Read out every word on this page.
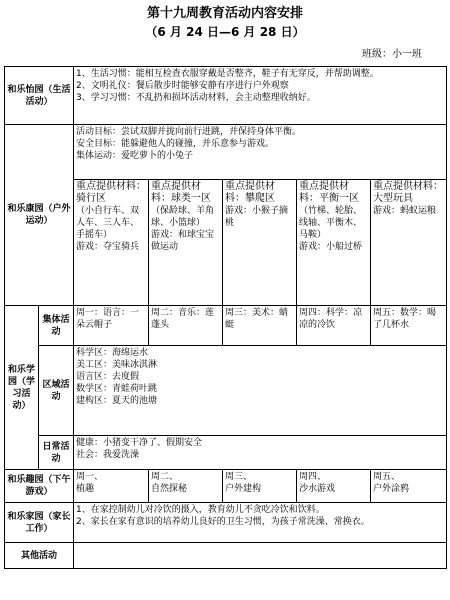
第十九周教育活动内容安排
（6 月 24 日—6 月 28 日）
班级：小一班
和乐怡园（生活活动）		1、生活习惯：能相互检查衣服穿戴是否整齐，鞋子有无穿反，并帮助调整。
2、文明礼仪：餐后散步时能够安静有序进行户外观察
3、学习习惯：不乱扔和损坏活动材料，会主动整理收纳好。				

和乐康园（户外运动）		活动目标：尝试双脚并拢向前行进跳，并保持身体平衡。
安全目标：能躲避他人的碰撞，并乐意参与游戏。
集体运动：爱吃萝卜的小兔子				

		重点提供材料：骑行区
（小自行车、双人车、三人车、手摇车）
游戏：夺宝骑兵	重点提供材料：球类一区
（保龄球、羊角球、小篮球）
游戏：和球宝宝做运动	重点提供材料：攀爬区
游戏：小猴子摘桃	重点提供材料：平衡一区
（竹梯、轮胎、线轴、平衡木、马鞍）
游戏：小船过桥	重点提供材料：大型玩具
游戏：蚂蚁运粮

和乐学园（学习活动）	集体活动	周一：语言：一朵云帽子	周二：音乐：莲蓬头	周三：美术：蜻蜓	周四：科学：凉凉的冷饮	周五：数学：喝了几杯水
	区域活动	科学区：海绵运水
美工区：美味冰淇淋
语言区：去度假
数学区：青蛙荷叶跳
建构区：夏天的池塘				

	日常活动	健康：小猪变干净了、假期安全
社会：我爱洗澡				

和乐趣园（下午游戏）		周一、
植趣	周二、
自然探秘	周三、
户外建构	周四、
沙水游戏	周五、
户外涂鸦

和乐家园（家长工作）		1、在家控制幼儿对冷饮的摄入，教育幼儿不贪吃冷饮和饮料。
2、家长在家有意识的培养幼儿良好的卫生习惯，为孩子常洗澡、常换衣。				

其他活动						
